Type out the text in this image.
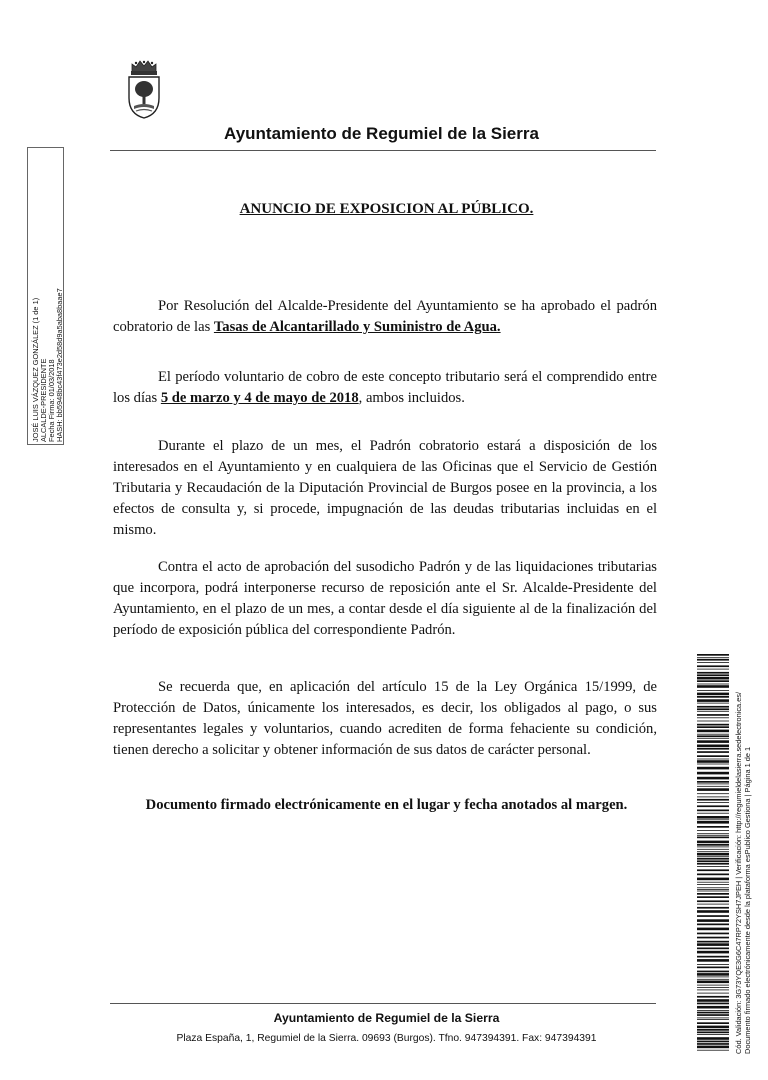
Ayuntamiento de Regumiel de la Sierra
JOSÉ LUIS VÁZQUEZ GONZÁLEZ (1 de 1) ALCALDE-PRESIDENTE Fecha Firma: 01/03/2018 HASH: bb5948bc43f473e2d58d9a5aba8baae7
ANUNCIO DE EXPOSICION AL PÚBLICO.

Por Resolución del Alcalde-Presidente del Ayuntamiento se ha aprobado el padrón cobratorio de las Tasas de Alcantarillado y Suministro de Agua.

El período voluntario de cobro de este concepto tributario será el comprendido entre los días 5 de marzo y 4 de mayo de 2018, ambos incluidos.

Durante el plazo de un mes, el Padrón cobratorio estará a disposición de los interesados en el Ayuntamiento y en cualquiera de las Oficinas que el Servicio de Gestión Tributaria y Recaudación de la Diputación Provincial de Burgos posee en la provincia, a los efectos de consulta y, si procede, impugnación de las deudas tributarias incluidas en el mismo.

Contra el acto de aprobación del susodicho Padrón y de las liquidaciones tributarias que incorpora, podrá interponerse recurso de reposición ante el Sr. Alcalde-Presidente del Ayuntamiento, en el plazo de un mes, a contar desde el día siguiente al de la finalización del período de exposición pública del correspondiente Padrón.

Se recuerda que, en aplicación del artículo 15 de la Ley Orgánica 15/1999, de Protección de Datos, únicamente los interesados, es decir, los obligados al pago, o sus representantes legales y voluntarios, cuando acrediten de forma fehaciente su condición, tienen derecho a solicitar y obtener información de sus datos de carácter personal.

Documento firmado electrónicamente en el lugar y fecha anotados al margen.
Ayuntamiento de Regumiel de la Sierra
Plaza España, 1, Regumiel de la Sierra. 09693 (Burgos). Tfno. 947394391. Fax: 947394391	Cód. Validación: 3G73YQE3G6C47RP72YSH7JPEH | Verificación: http://regumieldelasierra.sedelectronica.es/ Documento firmado electrónicamente desde la plataforma esPublico Gestiona | Página 1 de 1
